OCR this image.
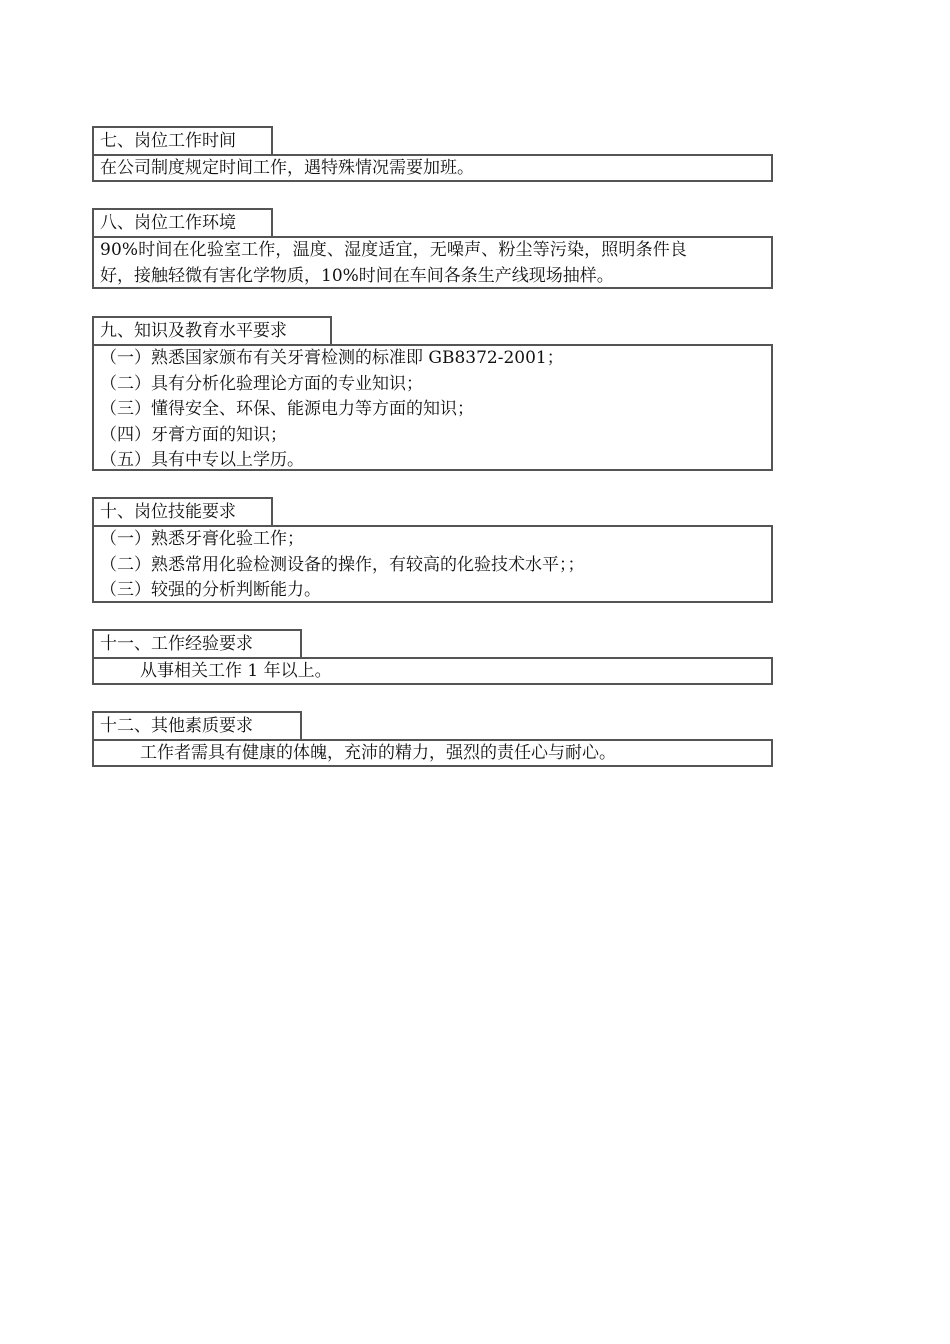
七、岗位工作时间
在公司制度规定时间工作，遇特殊情况需要加班。
八、岗位工作环境
90%时间在化验室工作，温度、湿度适宜，无噪声、粉尘等污染，照明条件良
好，接触轻微有害化学物质，10%时间在车间各条生产线现场抽样。
九、知识及教育水平要求
（一）熟悉国家颁布有关牙膏检测的标准即 GB8372-2001；
（二）具有分析化验理论方面的专业知识；
（三）懂得安全、环保、能源电力等方面的知识；
（四）牙膏方面的知识；
（五）具有中专以上学历。
十、岗位技能要求
（一）熟悉牙膏化验工作；
（二）熟悉常用化验检测设备的操作，有较高的化验技术水平；；
（三）较强的分析判断能力。
十一、工作经验要求
从事相关工作 1 年以上。
十二、其他素质要求
工作者需具有健康的体魄，充沛的精力，强烈的责任心与耐心。
